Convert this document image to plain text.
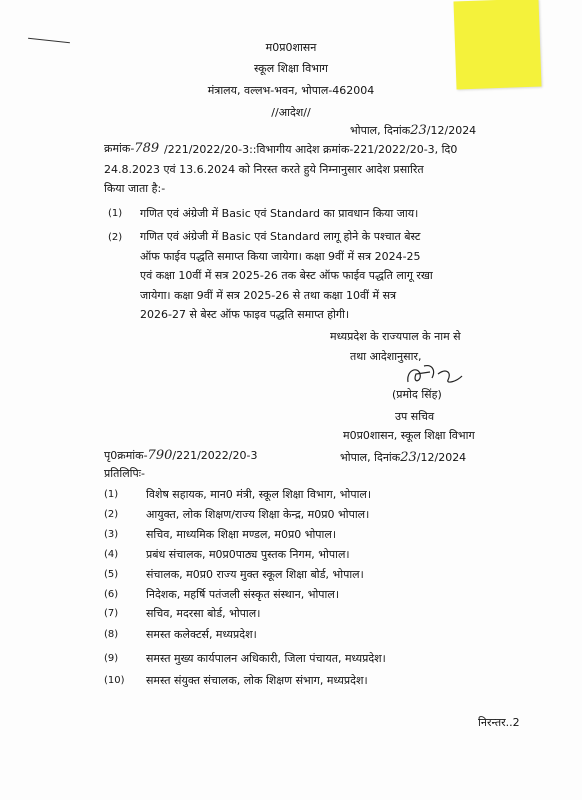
म0प्र0शासन
स्कूल शिक्षा विभाग
मंत्रालय, वल्लभ-भवन, भोपाल-462004
//आदेश//
भोपाल, दिनांक23/12/2024
क्रमांक-789 /221/2022/20-3::विभागीय आदेश क्रमांक-221/2022/20-3, दि0
24.8.2023 एवं 13.6.2024 को निरस्त करते हुये निम्नानुसार आदेश प्रसारित
किया जाता है:-
(1) गणित एवं अंग्रेजी में Basic एवं Standard का प्रावधान किया जाय।
(2) गणित एवं अंग्रेजी में Basic एवं Standard लागू होने के पश्चात बेस्ट
ऑफ फाईव पद्धति समाप्त किया जायेगा। कक्षा 9वीं में सत्र 2024-25
एवं कक्षा 10वीं में सत्र 2025-26 तक बेस्ट ऑफ फाईव पद्धति लागू रखा
जायेगा। कक्षा 9वीं में सत्र 2025-26 से तथा कक्षा 10वीं में सत्र
2026-27 से बेस्ट ऑफ फाइव पद्धति समाप्त होगी।
मध्यप्रदेश के राज्यपाल के नाम से
तथा आदेशानुसार,
(प्रमोद सिंह)
उप सचिव
म0प्र0शासन, स्कूल शिक्षा विभाग
पृ0क्रमांक-790/221/2022/20-3	भोपाल, दिनांक23/12/2024
प्रतिलिपिः-
(1)	विशेष सहायक, मान0 मंत्री, स्कूल शिक्षा विभाग, भोपाल।
(2)	आयुक्त, लोक शिक्षण/राज्य शिक्षा केन्द्र, म0प्र0 भोपाल।
(3)	सचिव, माध्यमिक शिक्षा मण्डल, म0प्र0 भोपाल।
(4)	प्रबंध संचालक, म0प्र0पाठ्य पुस्तक निगम, भोपाल।
(5)	संचालक, म0प्र0 राज्य मुक्त स्कूल शिक्षा बोर्ड, भोपाल।
(6)	निदेशक, महर्षि पतंजली संस्कृत संस्थान, भोपाल।
(7)	सचिव, मदरसा बोर्ड, भोपाल।
(8)	समस्त कलेक्टर्स, मध्यप्रदेश।
(9)	समस्त मुख्य कार्यपालन अधिकारी, जिला पंचायत, मध्यप्रदेश।
(10) समस्त संयुक्त संचालक, लोक शिक्षण संभाग, मध्यप्रदेश।
निरन्तर..2
